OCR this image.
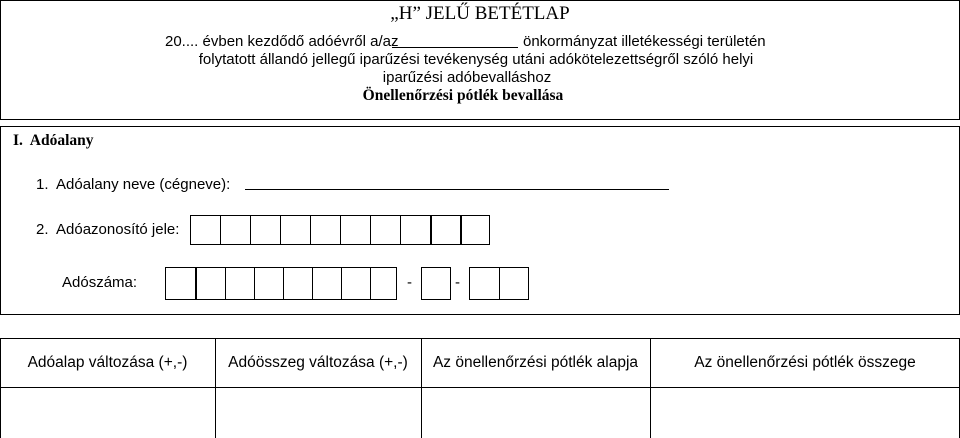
„H” JELŰ BETÉTLAP
20.... évben kezdődő adóévről a/az	önkormányzat illetékességi területén
folytatott állandó jellegű iparűzési tevékenység utáni adókötelezettségről szóló helyi
iparűzési adóbevalláshoz
Önellenőrzési pótlék bevallása
I.  Adóalany
1.  Adóalany neve (cégneve):
2.  Adóazonosító jele:
Adószáma:	-	-
Adóalap változása (+,-)	Adóösszeg változása (+,-)	Az önellenőrzési pótlék alapja	Az önellenőrzési pótlék összege
